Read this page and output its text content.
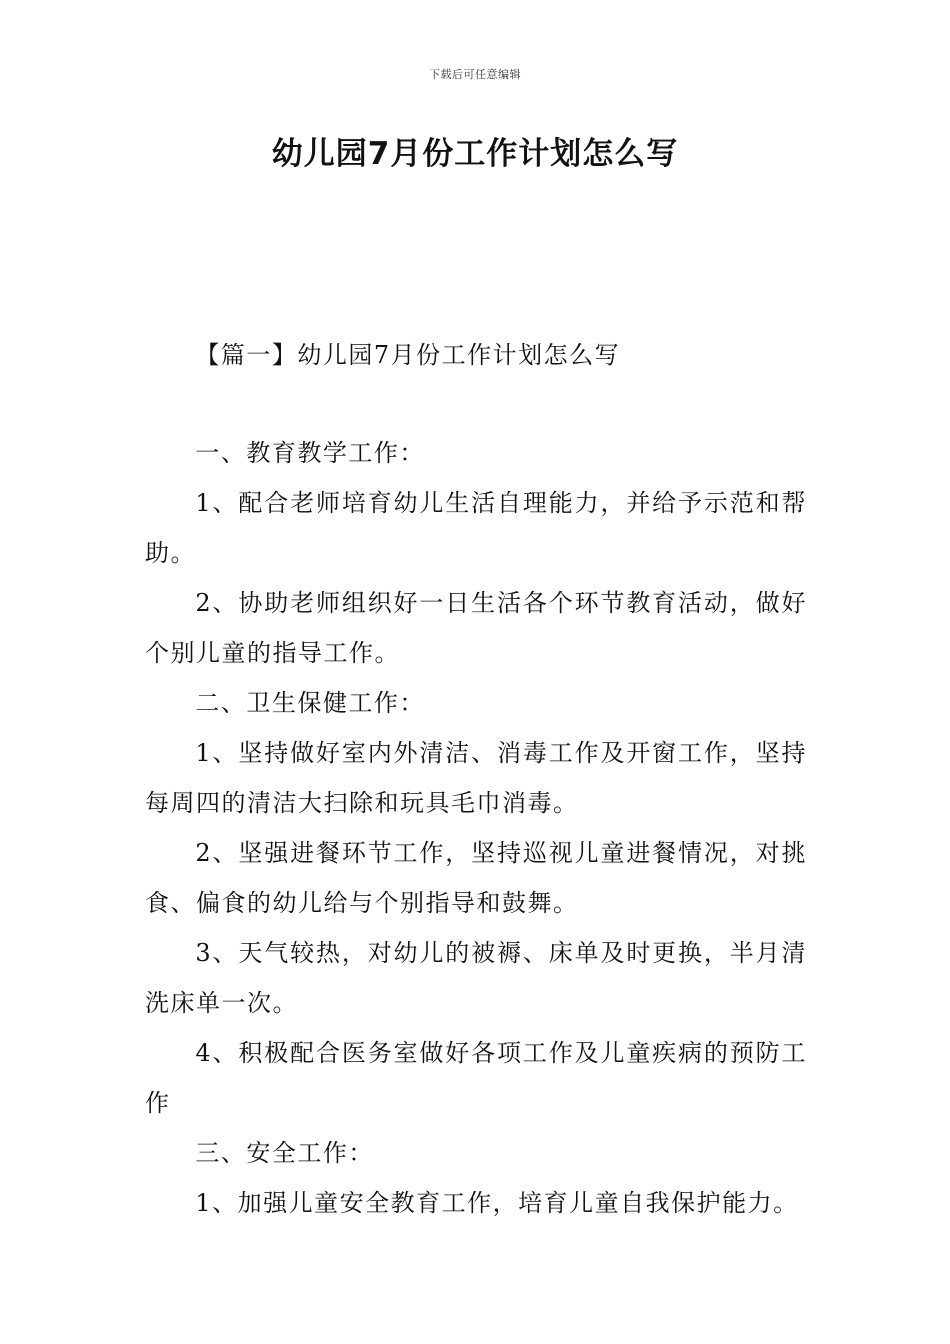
下载后可任意编辑
幼儿园7月份工作计划怎么写

【篇一】幼儿园7月份工作计划怎么写

一、教育教学工作：

1、配合老师培育幼儿生活自理能力，并给予示范和帮助。

2、协助老师组织好一日生活各个环节教育活动，做好个别儿童的指导工作。

二、卫生保健工作：

1、坚持做好室内外清洁、消毒工作及开窗工作，坚持每周四的清洁大扫除和玩具毛巾消毒。

2、坚强进餐环节工作，坚持巡视儿童进餐情况，对挑食、偏食的幼儿给与个别指导和鼓舞。

3、天气较热，对幼儿的被褥、床单及时更换，半月清洗床单一次。

4、积极配合医务室做好各项工作及儿童疾病的预防工作

三、安全工作：

1、加强儿童安全教育工作，培育儿童自我保护能力。
